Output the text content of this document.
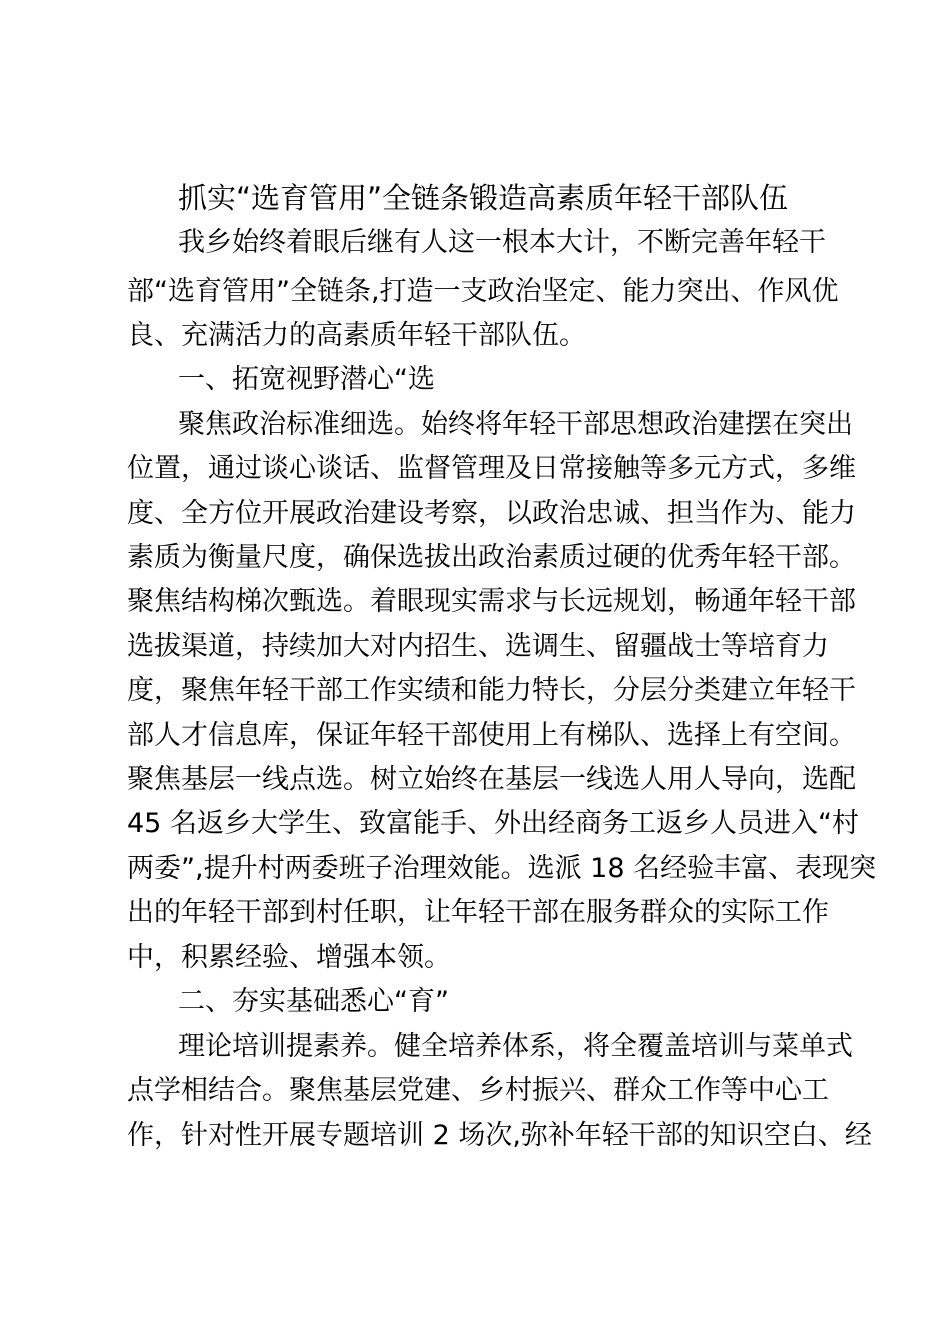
抓实“选育管用”全链条锻造高素质年轻干部队伍
我乡始终着眼后继有人这一根本大计，不断完善年轻干
部“选育管用”全链条,打造一支政治坚定、能力突出、作风优
良、充满活力的高素质年轻干部队伍。
一、拓宽视野潜心“选
聚焦政治标准细选。始终将年轻干部思想政治建摆在突出
位置，通过谈心谈话、监督管理及日常接触等多元方式，多维
度、全方位开展政治建设考察，以政治忠诚、担当作为、能力
素质为衡量尺度，确保选拔出政治素质过硬的优秀年轻干部。
聚焦结构梯次甄选。着眼现实需求与长远规划，畅通年轻干部
选拔渠道，持续加大对内招生、选调生、留疆战士等培育力
度，聚焦年轻干部工作实绩和能力特长，分层分类建立年轻干
部人才信息库，保证年轻干部使用上有梯队、选择上有空间。
聚焦基层一线点选。树立始终在基层一线选人用人导向，选配
45 名返乡大学生、致富能手、外出经商务工返乡人员进入“村
两委”,提升村两委班子治理效能。选派 18 名经验丰富、表现突
出的年轻干部到村任职，让年轻干部在服务群众的实际工作
中，积累经验、增强本领。
二、夯实基础悉心“育”
理论培训提素养。健全培养体系，将全覆盖培训与菜单式
点学相结合。聚焦基层党建、乡村振兴、群众工作等中心工
作，针对性开展专题培训 2 场次,弥补年轻干部的知识空白、经
